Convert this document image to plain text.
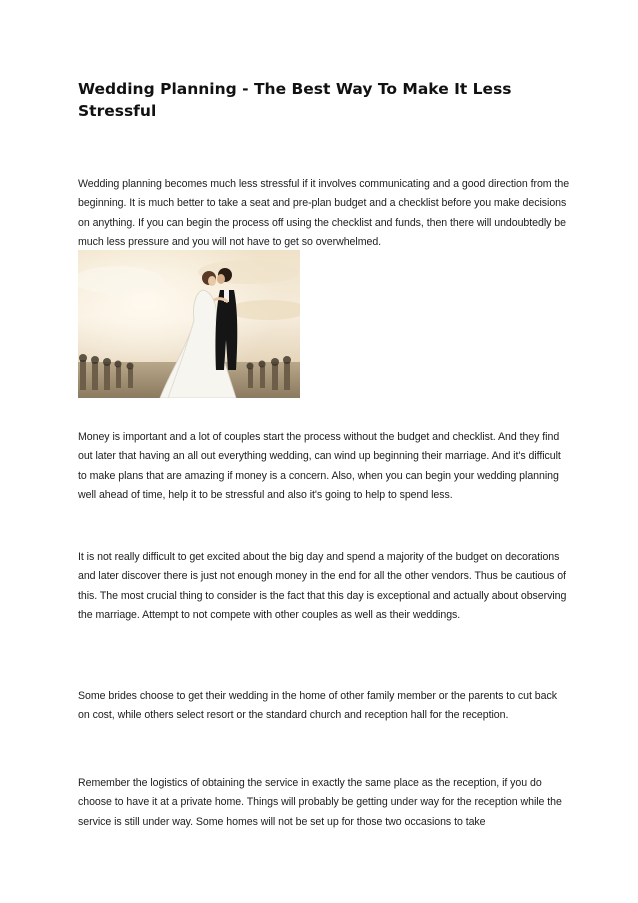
Wedding Planning - The Best Way To Make It Less Stressful

Wedding planning becomes much less stressful if it involves communicating and a good direction from the beginning. It is much better to take a seat and pre-plan budget and a checklist before you make decisions on anything. If you can begin the process off using the checklist and funds, then there will undoubtedly be much less pressure and you will not have to get so overwhelmed.

Money is important and a lot of couples start the process without the budget and checklist. And they find out later that having an all out everything wedding, can wind up beginning their marriage. And it's difficult to make plans that are amazing if money is a concern. Also, when you can begin your wedding planning well ahead of time, help it to be stressful and also it's going to help to spend less.

It is not really difficult to get excited about the big day and spend a majority of the budget on decorations and later discover there is just not enough money in the end for all the other vendors. Thus be cautious of this. The most crucial thing to consider is the fact that this day is exceptional and actually about observing the marriage. Attempt to not compete with other couples as well as their weddings.

Some brides choose to get their wedding in the home of other family member or the parents to cut back on cost, while others select resort or the standard church and reception hall for the reception.

Remember the logistics of obtaining the service in exactly the same place as the reception, if you do choose to have it at a private home. Things will probably be getting under way for the reception while the service is still under way. Some homes will not be set up for those two occasions to take
